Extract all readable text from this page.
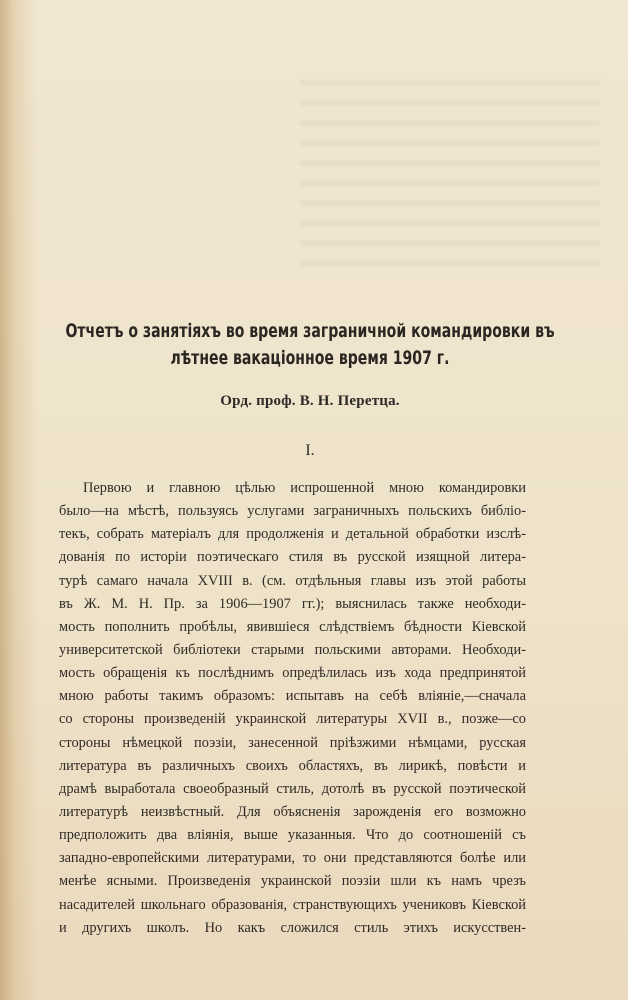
Отчетъ о занятіяхъ во время заграничной командировки въ
лѣтнее вакаціонное время 1907 г.
Орд. проф. В. Н. Перетца.
I.
Первою и главною цѣлью испрошенной мною командировки
было—на мѣстѣ, пользуясь услугами заграничныхъ польскихъ библіо-
текъ, собрать матеріалъ для продолженія и детальной обработки изслѣ-
дованія по исторіи поэтическаго стиля въ русской изящной литера-
турѣ самаго начала XVIII в. (см. отдѣльныя главы изъ этой работы
въ Ж. М. Н. Пр. за 1906—1907 гг.); выяснилась также необходи-
мость пополнить пробѣлы, явившіеся слѣдствіемъ бѣдности Кіевской
университетской библіотеки старыми польскими авторами. Необходи-
мость обращенія къ послѣднимъ опредѣлилась изъ хода предпринятой
мною работы такимъ образомъ: испытавъ на себѣ вліяніе,—сначала
со стороны произведеній украинской литературы XVII в., позже—со
стороны нѣмецкой поэзіи, занесенной пріѣзжими нѣмцами, русская
литература въ различныхъ своихъ областяхъ, въ лирикѣ, повѣсти и
драмѣ выработала своеобразный стиль, дотолѣ въ русской поэтической
литературѣ неизвѣстный. Для объясненія зарожденія его возможно
предположить два вліянія, выше указанныя. Что до соотношеній съ
западно-европейскими литературами, то они представляются болѣе или
менѣе ясными. Произведенія украинской поэзіи шли къ намъ чрезъ
насадителей школьнаго образованія, странствующихъ учениковъ Кіевской
и другихъ школъ. Но какъ сложился стиль этихъ искусствен-
